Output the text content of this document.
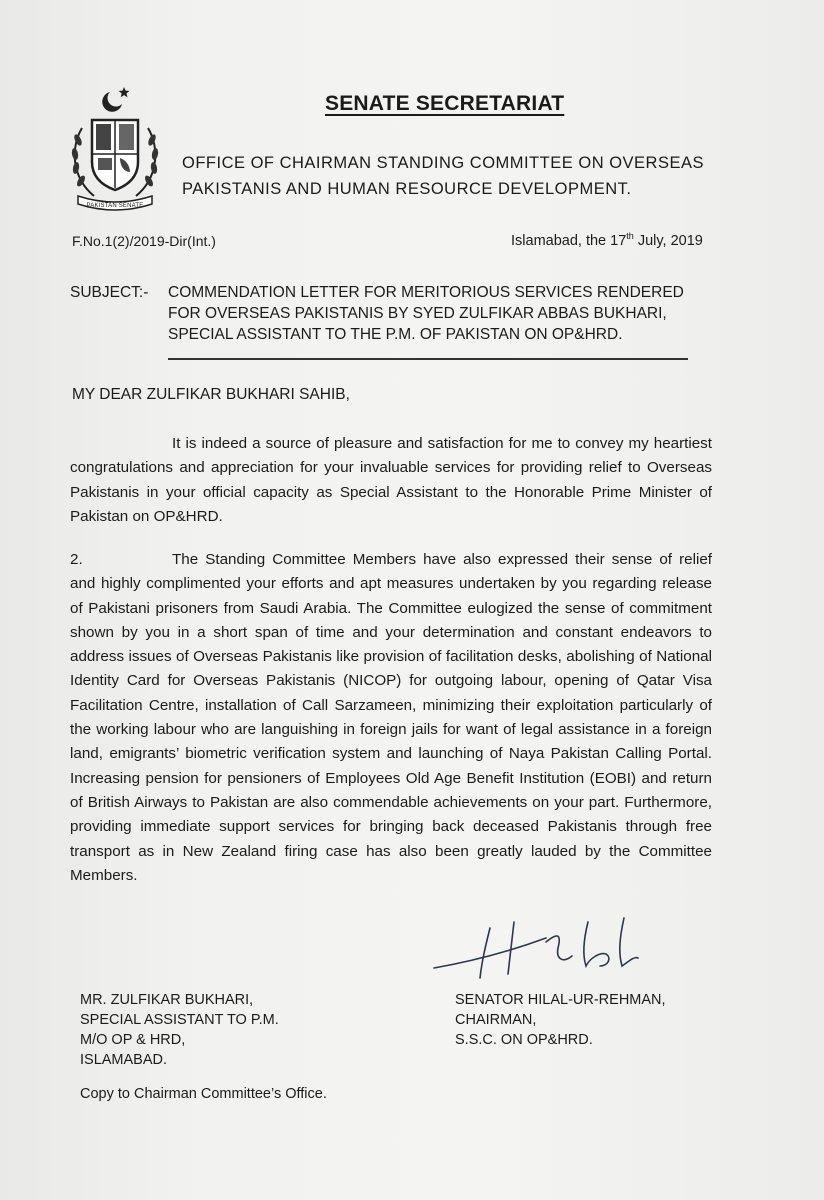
PAKISTAN SENATE
SENATE SECRETARIAT
OFFICE OF CHAIRMAN STANDING COMMITTEE ON OVERSEAS
PAKISTANIS AND HUMAN RESOURCE DEVELOPMENT.
F.No.1(2)/2019-Dir(Int.)	Islamabad, the 17th July, 2019
SUBJECT:- COMMENDATION LETTER FOR MERITORIOUS SERVICES RENDERED
FOR OVERSEAS PAKISTANIS BY SYED ZULFIKAR ABBAS BUKHARI,
SPECIAL ASSISTANT TO THE P.M. OF PAKISTAN ON OP&HRD.
MY DEAR ZULFIKAR BUKHARI SAHIB,
It is indeed a source of pleasure and satisfaction for me to convey my heartiest congratulations and appreciation for your invaluable services for providing relief to Overseas Pakistanis in your official capacity as Special Assistant to the Honorable Prime Minister of Pakistan on OP&HRD.
2.	The Standing Committee Members have also expressed their sense of relief and highly complimented your efforts and apt measures undertaken by you regarding release of Pakistani prisoners from Saudi Arabia. The Committee eulogized the sense of commitment shown by you in a short span of time and your determination and constant endeavors to address issues of Overseas Pakistanis like provision of facilitation desks, abolishing of National Identity Card for Overseas Pakistanis (NICOP) for outgoing labour, opening of Qatar Visa Facilitation Centre, installation of Call Sarzameen, minimizing their exploitation particularly of the working labour who are languishing in foreign jails for want of legal assistance in a foreign land, emigrants’ biometric verification system and launching of Naya Pakistan Calling Portal. Increasing pension for pensioners of Employees Old Age Benefit Institution (EOBI) and return of British Airways to Pakistan are also commendable achievements on your part. Furthermore, providing immediate support services for bringing back deceased Pakistanis through free transport as in New Zealand firing case has also been greatly lauded by the Committee Members.
MR. ZULFIKAR BUKHARI,
SPECIAL ASSISTANT TO P.M.
M/O OP & HRD,
ISLAMABAD.
SENATOR HILAL-UR-REHMAN,
CHAIRMAN,
S.S.C. ON OP&HRD.
Copy to Chairman Committee’s Office.
